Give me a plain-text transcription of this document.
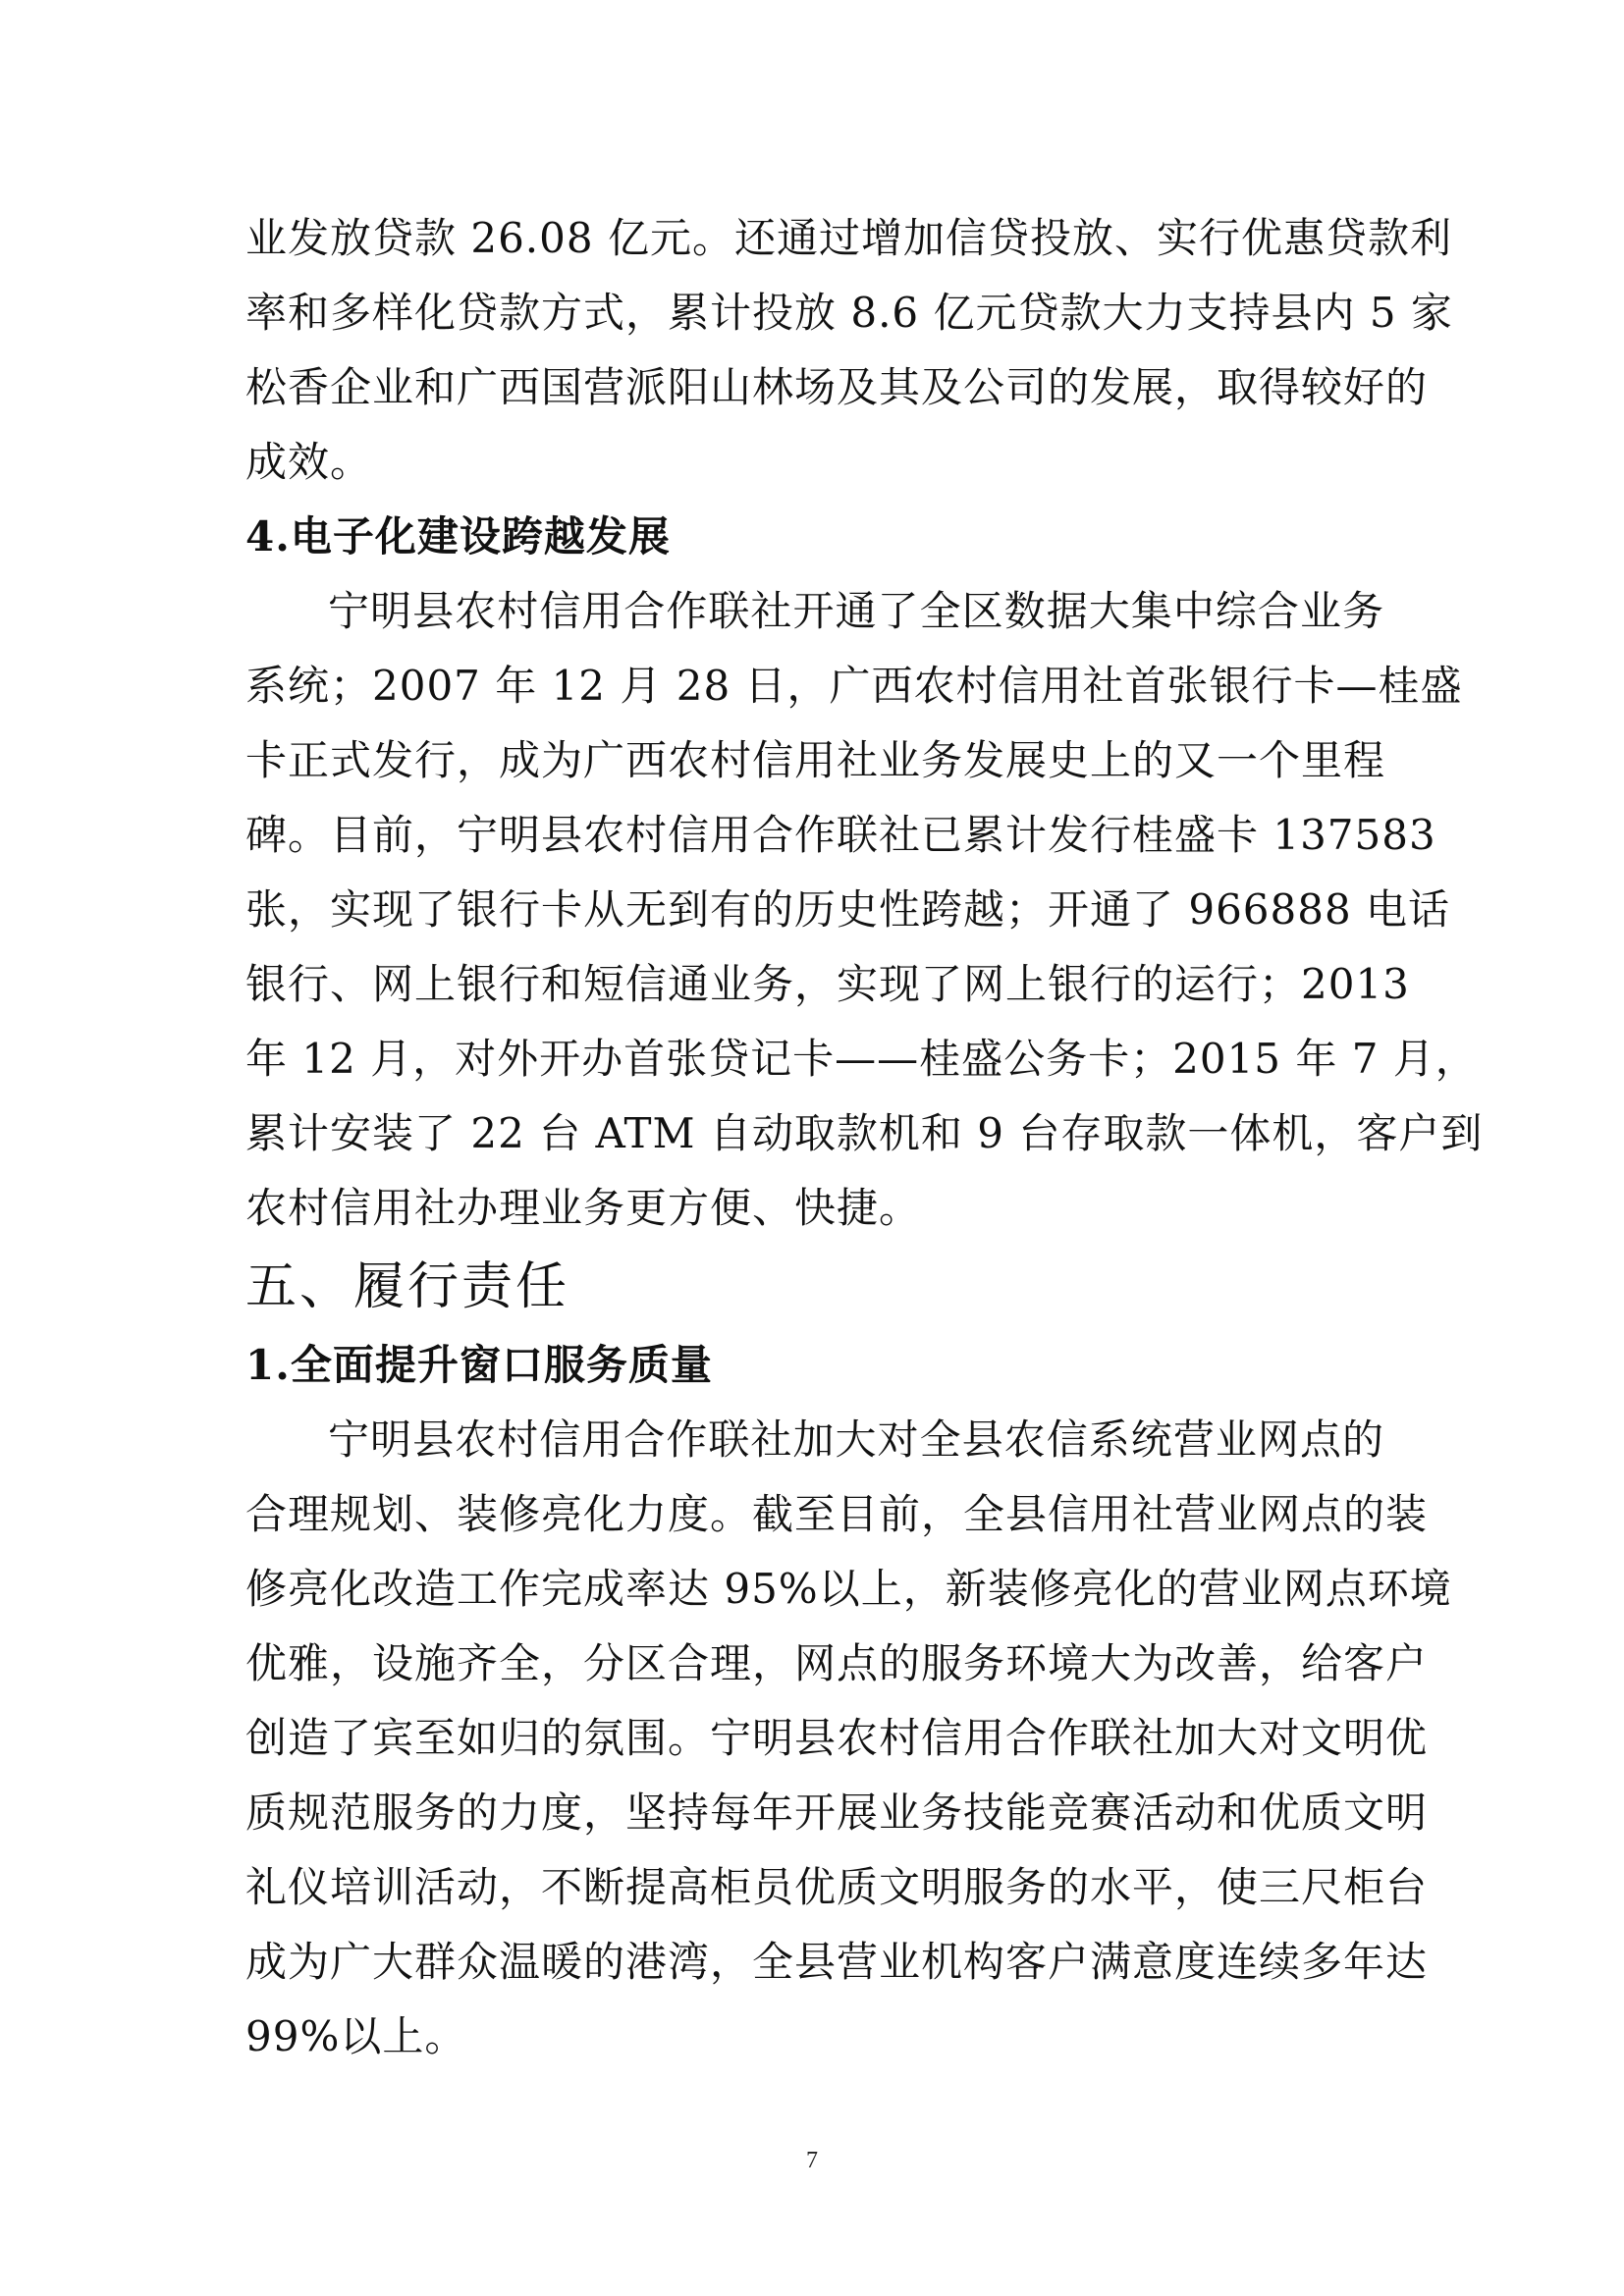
业发放贷款 26.08 亿元。还通过增加信贷投放、实行优惠贷款利
率和多样化贷款方式，累计投放 8.6 亿元贷款大力支持县内 5 家
松香企业和广西国营派阳山林场及其及公司的发展，取得较好的
成效。
4.电子化建设跨越发展
宁明县农村信用合作联社开通了全区数据大集中综合业务
系统；2007 年 12 月 28 日，广西农村信用社首张银行卡—桂盛
卡正式发行，成为广西农村信用社业务发展史上的又一个里程
碑。目前，宁明县农村信用合作联社已累计发行桂盛卡 137583
张，实现了银行卡从无到有的历史性跨越；开通了 966888 电话
银行、网上银行和短信通业务，实现了网上银行的运行；2013
年 12 月，对外开办首张贷记卡——桂盛公务卡；2015 年 7 月，
累计安装了 22 台 ATM 自动取款机和 9 台存取款一体机，客户到
农村信用社办理业务更方便、快捷。
五、履行责任
1.全面提升窗口服务质量
宁明县农村信用合作联社加大对全县农信系统营业网点的
合理规划、装修亮化力度。截至目前，全县信用社营业网点的装
修亮化改造工作完成率达 95%以上，新装修亮化的营业网点环境
优雅，设施齐全，分区合理，网点的服务环境大为改善，给客户
创造了宾至如归的氛围。宁明县农村信用合作联社加大对文明优
质规范服务的力度，坚持每年开展业务技能竞赛活动和优质文明
礼仪培训活动，不断提高柜员优质文明服务的水平，使三尺柜台
成为广大群众温暖的港湾，全县营业机构客户满意度连续多年达
99%以上。
7
